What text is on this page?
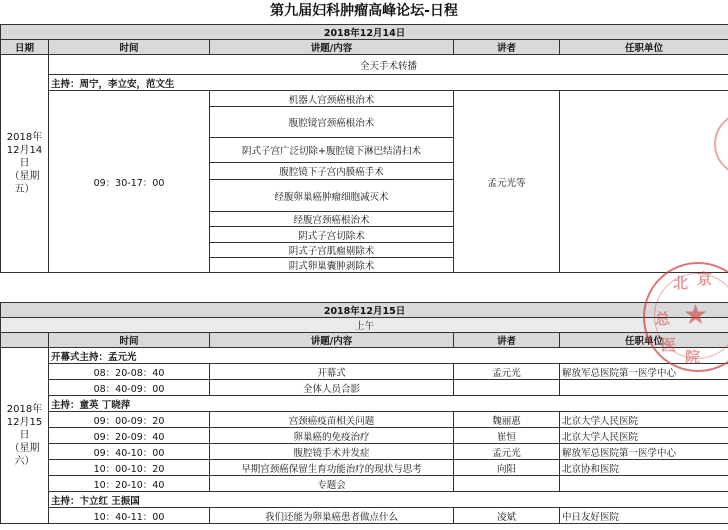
第九届妇科肿瘤高峰论坛-日程
2018年12月14日				
日期	时间	讲题/内容	讲者	任职单位

2018年
12月14日
（星期
五）	全天手术转播			
	主持：周宁，李立安，范文生			
	09：30-17：00	机器人宫颈癌根治术	孟元光等	
		腹腔镜宫颈癌根治术		
		阴式子宫广泛切除+腹腔镜下淋巴结清扫术		
		腹腔镜下子宫内膜癌手术		
		经腹卵巢癌肿瘤细胞减灭术		
		经腹宫颈癌根治术		
		阴式子宫切除术		
		阴式子宫肌瘤剔除术		
		阴式卵巢囊肿剥除术		
2018年12月15日				
上午				
	时间	讲题/内容	讲者	任职单位

2018年
12月15日
（星期
六）	开幕式主持：孟元光			
	08：20-08：40	开幕式	孟元光	解放军总医院第一医学中心
	08：40-09：00	全体人员合影		
	主持：童英 丁晓萍			
	09：00-09：20	宫颈癌疫苗相关问题	魏丽惠	北京大学人民医院
	09：20-09：40	卵巢癌的免疫治疗	崔恒	北京大学人民医院
	09：40-10：00	腹腔镜手术并发症	孟元光	解放军总医院第一医学中心
	10：00-10：20	早期宫颈癌保留生育功能治疗的现状与思考	向阳	北京协和医院
	10：20-10：40	专题会		
	主持：卞立红 王振国			
	10：40-11：00	我们还能为卵巢癌患者做点什么	凌斌	中日友好医院
★
北 京
总
医
院
